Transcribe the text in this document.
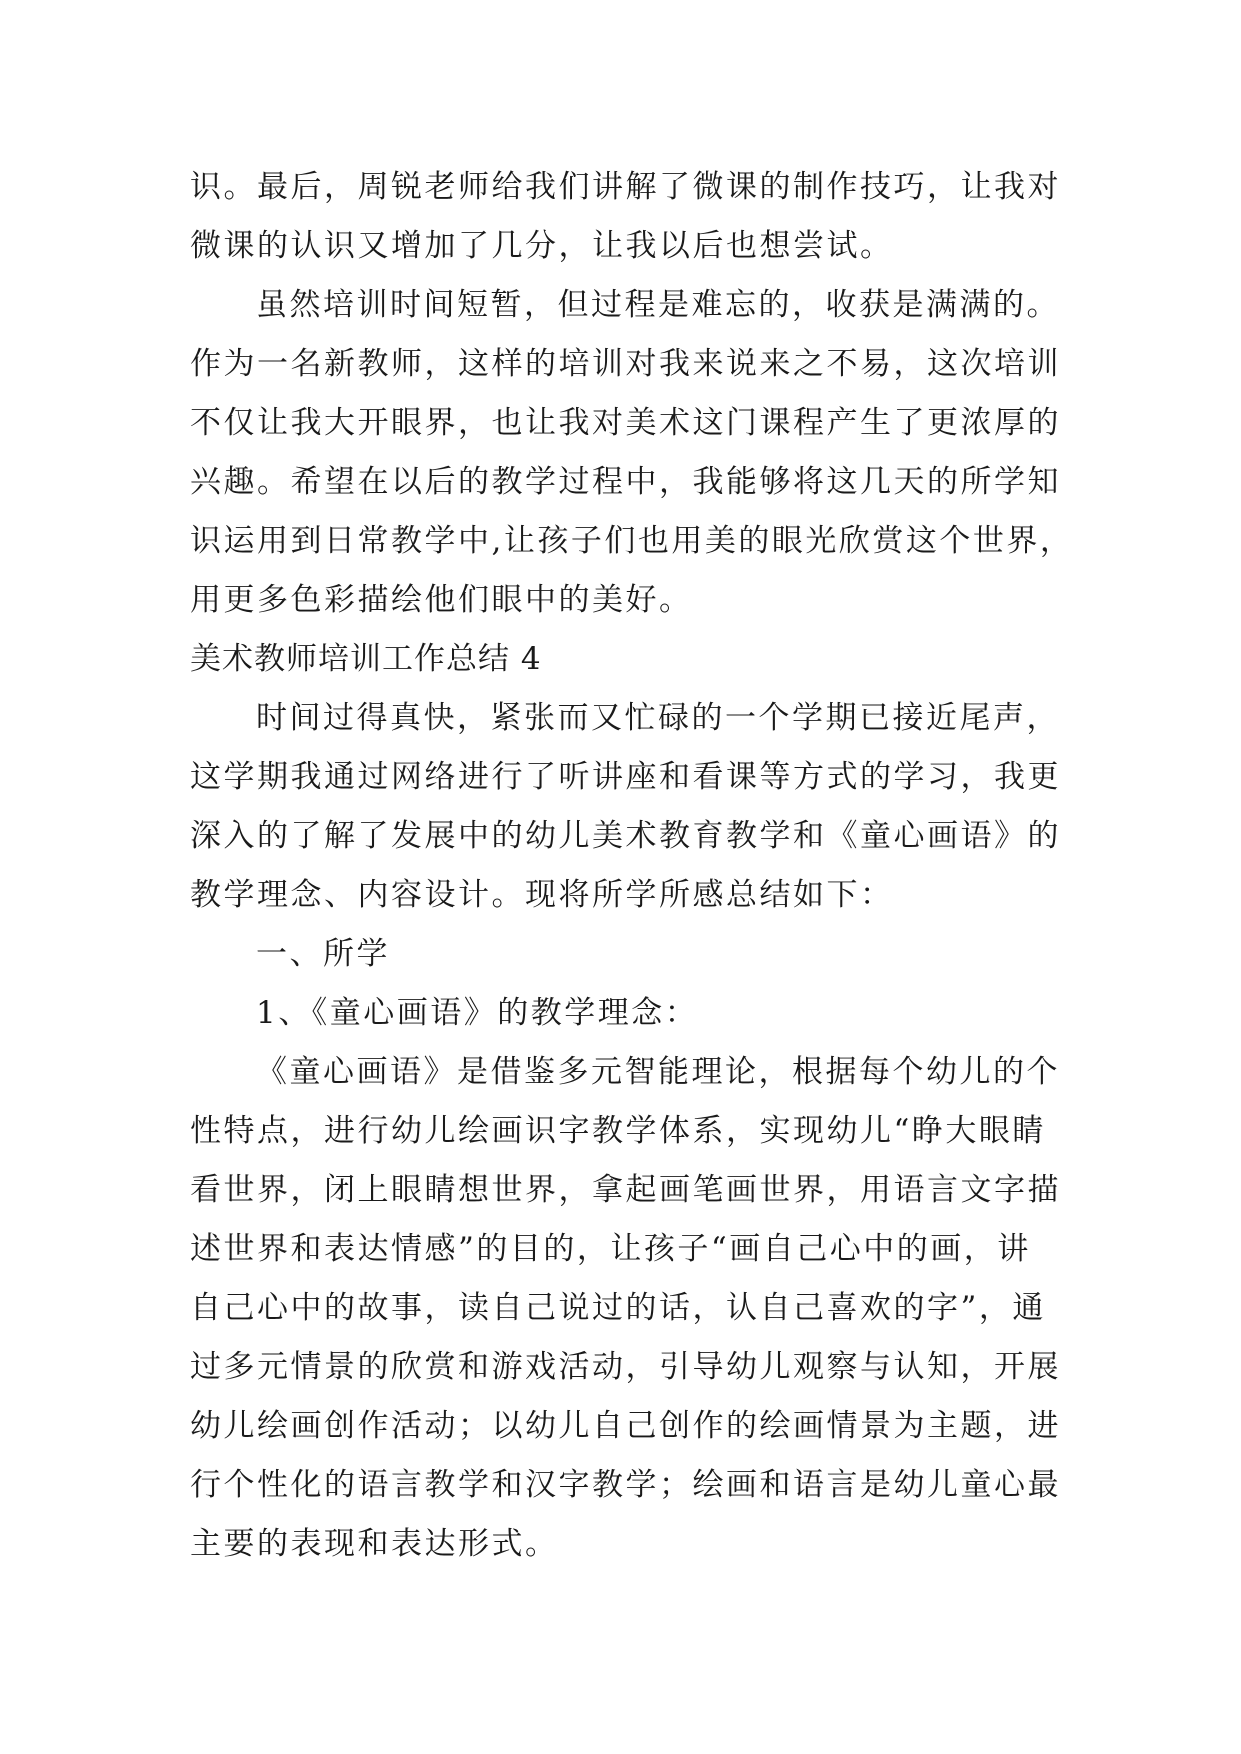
识。最后，周锐老师给我们讲解了微课的制作技巧，让我对
微课的认识又增加了几分，让我以后也想尝试。
虽然培训时间短暂，但过程是难忘的，收获是满满的。
作为一名新教师，这样的培训对我来说来之不易，这次培训
不仅让我大开眼界，也让我对美术这门课程产生了更浓厚的
兴趣。希望在以后的教学过程中，我能够将这几天的所学知
识运用到日常教学中,让孩子们也用美的眼光欣赏这个世界，
用更多色彩描绘他们眼中的美好。
美术教师培训工作总结 4
时间过得真快，紧张而又忙碌的一个学期已接近尾声，
这学期我通过网络进行了听讲座和看课等方式的学习，我更
深入的了解了发展中的幼儿美术教育教学和《童心画语》的
教学理念、内容设计。现将所学所感总结如下：
一、所学
1、《童心画语》的教学理念：
《童心画语》是借鉴多元智能理论，根据每个幼儿的个
性特点，进行幼儿绘画识字教学体系，实现幼儿“睁大眼睛
看世界，闭上眼睛想世界，拿起画笔画世界，用语言文字描
述世界和表达情感”的目的，让孩子“画自己心中的画，讲
自己心中的故事，读自己说过的话，认自己喜欢的字”，通
过多元情景的欣赏和游戏活动，引导幼儿观察与认知，开展
幼儿绘画创作活动；以幼儿自己创作的绘画情景为主题，进
行个性化的语言教学和汉字教学；绘画和语言是幼儿童心最
主要的表现和表达形式。
